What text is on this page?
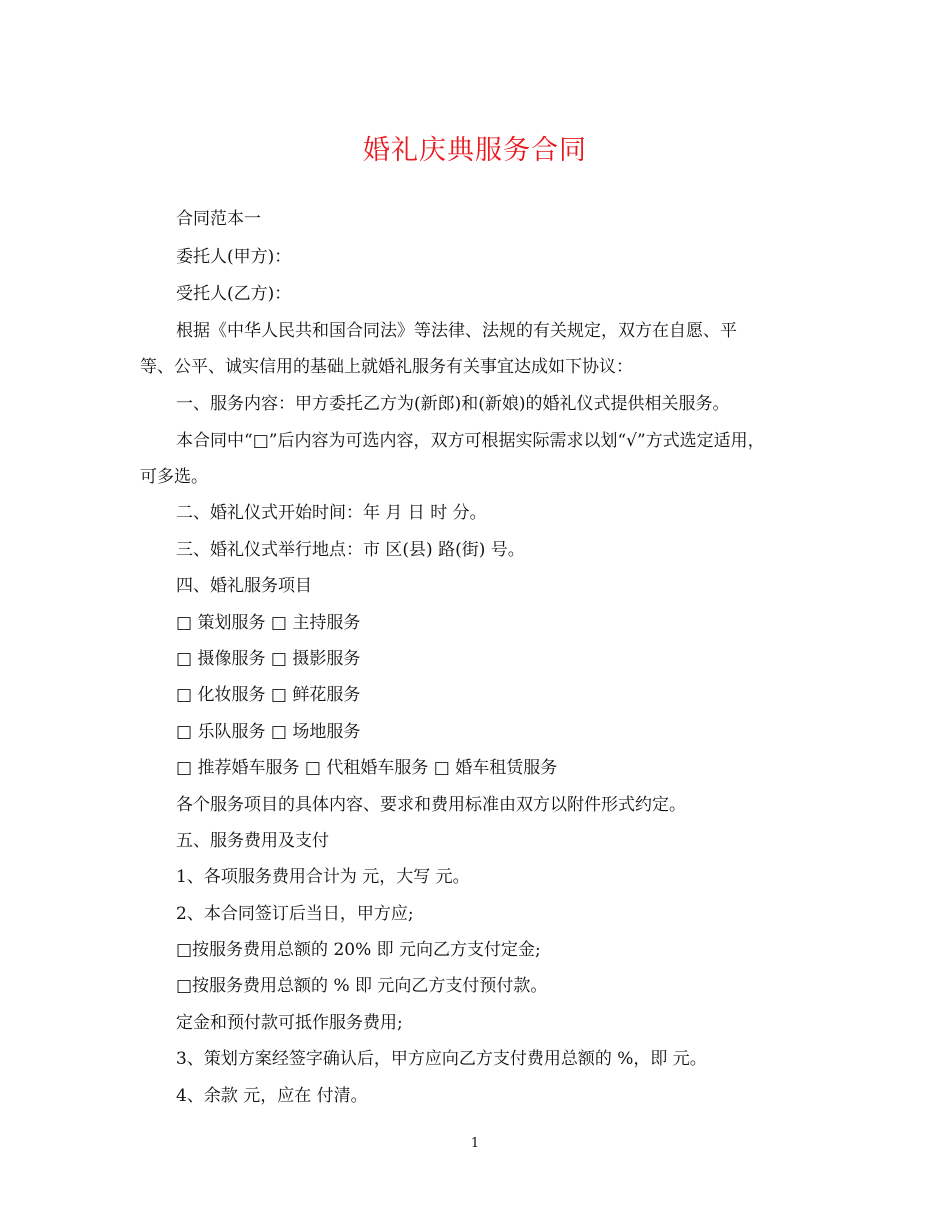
婚礼庆典服务合同
合同范本一
委托人(甲方)：
受托人(乙方)：
根据《中华人民共和国合同法》等法律、法规的有关规定，双方在自愿、平
等、公平、诚实信用的基础上就婚礼服务有关事宜达成如下协议：
一、服务内容：甲方委托乙方为(新郎)和(新娘)的婚礼仪式提供相关服务。
本合同中“□”后内容为可选内容，双方可根据实际需求以划“√”方式选定适用，
可多选。
二、婚礼仪式开始时间：年 月 日 时 分。
三、婚礼仪式举行地点：市 区(县) 路(街) 号。
四、婚礼服务项目
□ 策划服务 □ 主持服务
□ 摄像服务 □ 摄影服务
□ 化妆服务 □ 鲜花服务
□ 乐队服务 □ 场地服务
□ 推荐婚车服务 □ 代租婚车服务 □ 婚车租赁服务
各个服务项目的具体内容、要求和费用标准由双方以附件形式约定。
五、服务费用及支付
1、各项服务费用合计为 元，大写 元。
2、本合同签订后当日，甲方应;
□按服务费用总额的 20% 即 元向乙方支付定金;
□按服务费用总额的 % 即 元向乙方支付预付款。
定金和预付款可抵作服务费用;
3、策划方案经签字确认后，甲方应向乙方支付费用总额的 %，即 元。
4、余款 元，应在 付清。
1
